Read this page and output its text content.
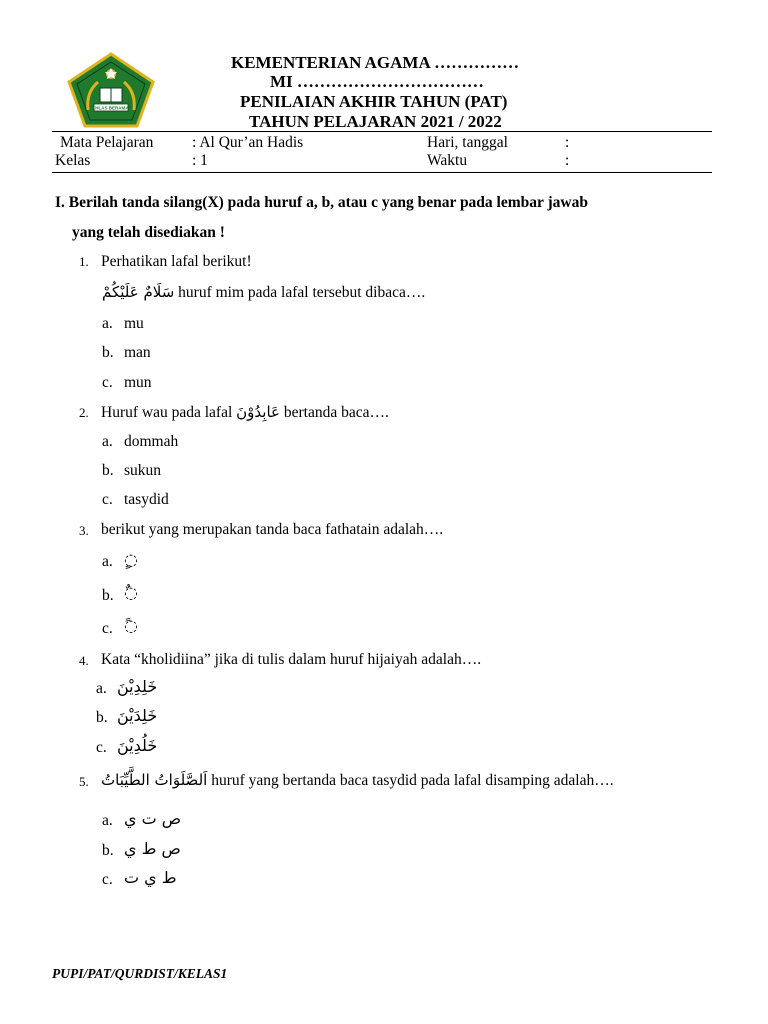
IKHLAS BERAMAL
KEMENTERIAN AGAMA ……………
MI ……………………………
PENILAIAN AKHIR TAHUN (PAT)
TAHUN PELAJARAN 2021 / 2022
Mata Pelajaran : Al Qur’an Hadis	Hari, tanggal	:
Kelas	: 1	Waktu	:
I. Berilah tanda silang(X) pada huruf a, b, atau c yang benar pada lembar jawab
yang telah disediakan !
1. Perhatikan lafal berikut!
سَلَامٌ عَلَيْكُمْ huruf mim pada lafal tersebut dibaca….
a. mu
b. man
c. mun
2. Huruf wau pada lafal عَابِدُوْنَ bertanda baca….
a. dommah
b. sukun
c. tasydid
3. berikut yang merupakan tanda baca fathatain adalah….
a. ◌ٍ
b. ◌ٌ
c. ◌ً
4. Kata “kholidiina” jika di tulis dalam huruf hijaiyah adalah….
a. خَلِدِيْنَ
b. خَلِدَيْنَ
c. خَلُدِيْنَ
5. اَلصَّلَوَاتُ الطَّيِّبَاتُ huruf yang bertanda baca tasydid pada lafal disamping adalah….
a. ص ت ي
b. ص ط ي
c. ط ي ت
PUPI/PAT/QURDIST/KELAS1
